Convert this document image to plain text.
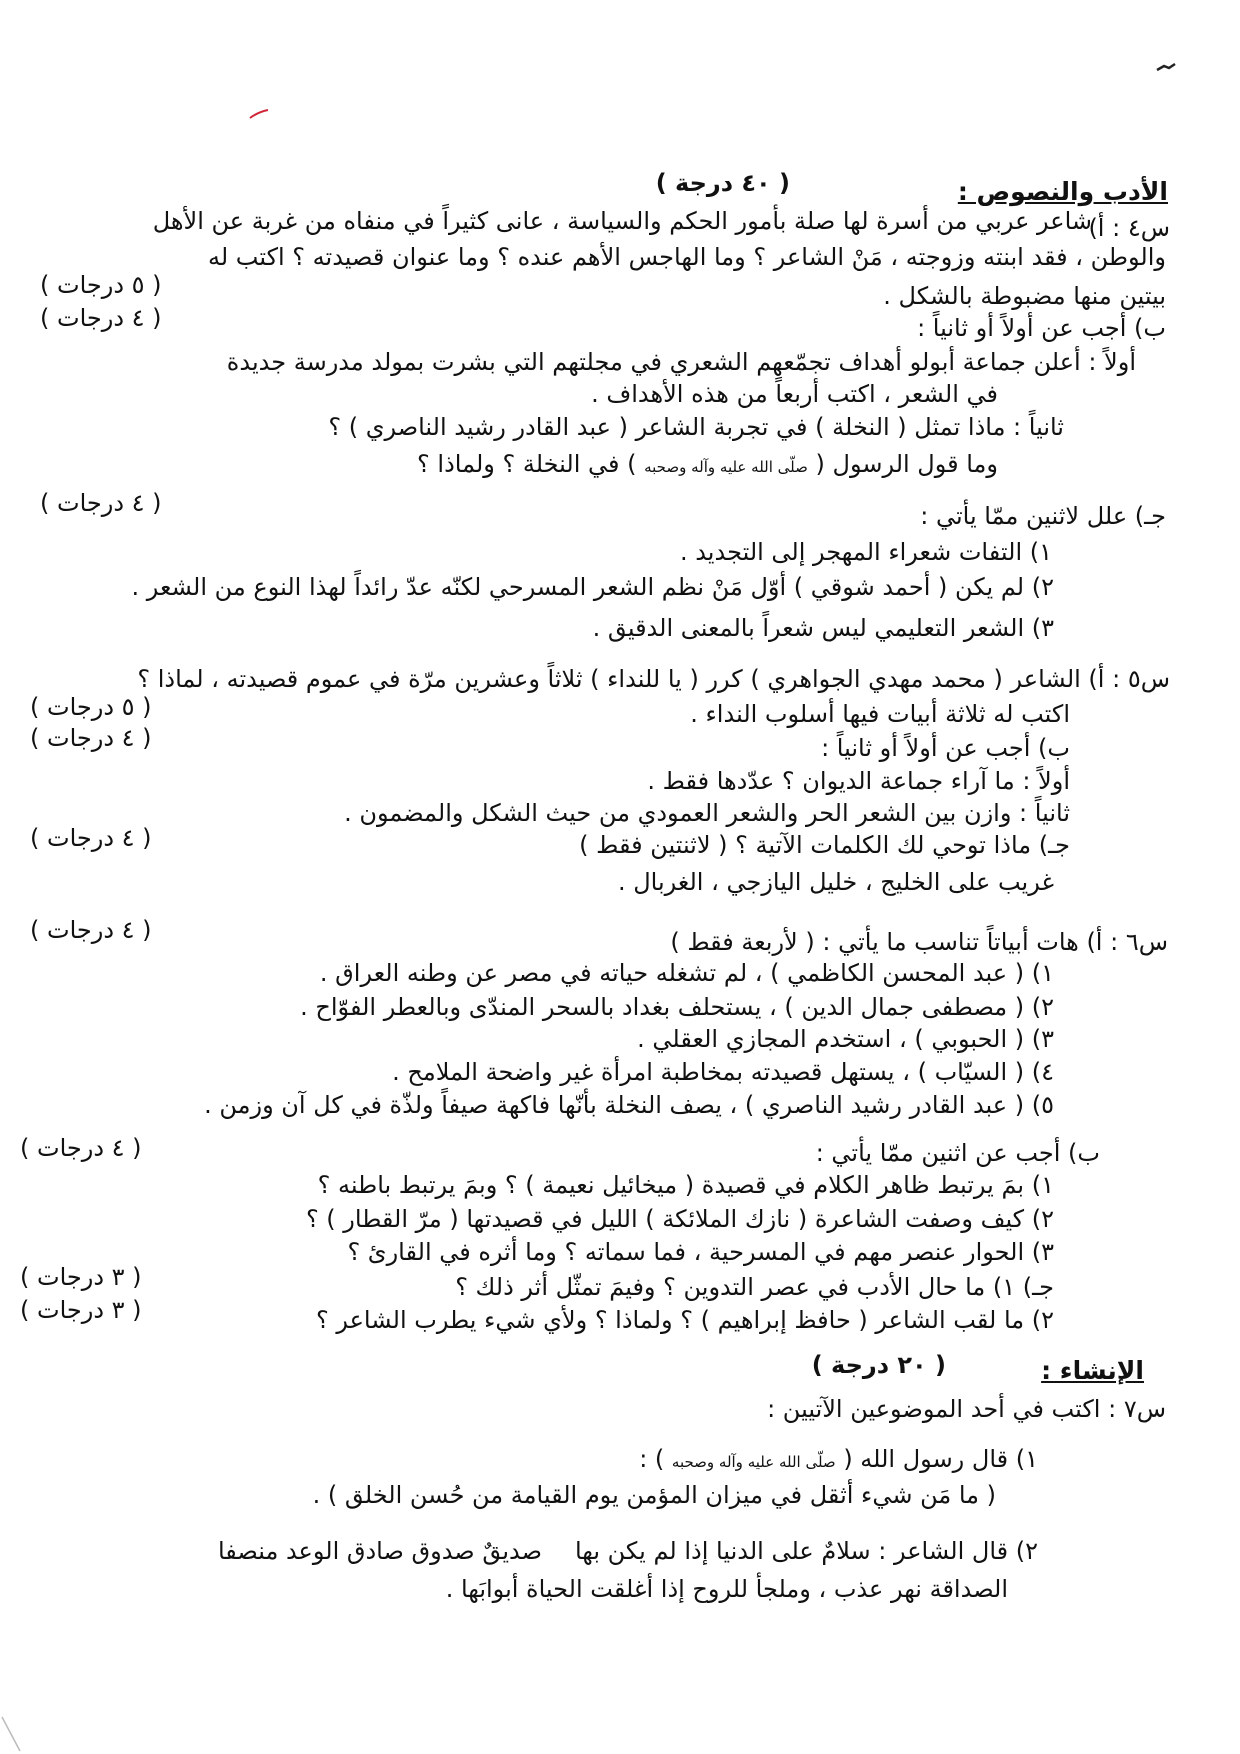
الأدب والنصوص :
( ٤٠ درجة )
س٤ : أ)
شاعر عربي من أسرة لها صلة بأمور الحكم والسياسة ، عانى كثيراً في منفاه من غربة عن الأهل
والوطن ، فقد ابنته وزوجته ، مَنْ الشاعر ؟ وما الهاجس الأهم عنده ؟ وما عنوان قصيدته ؟ اكتب له
بيتين منها مضبوطة بالشكل .
( ٥ درجات )
( ٤ درجات )	ب) أجب عن أولاً أو ثانياً :
أولاً : أعلن جماعة أبولو أهداف تجمّعهم الشعري في مجلتهم التي بشرت بمولد مدرسة جديدة
في الشعر ، اكتب أربعاً من هذه الأهداف .
ثانياً : ماذا تمثل ( النخلة ) في تجربة الشاعر ( عبد القادر رشيد الناصري ) ؟
وما قول الرسول ( صلّى الله عليه وآله وصحبه ) في النخلة ؟ ولماذا ؟
جـ) علل لاثنين ممّا يأتي :
( ٤ درجات )
١) التفات شعراء المهجر إلى التجديد .
٢) لم يكن ( أحمد شوقي ) أوّل مَنْ نظم الشعر المسرحي لكنّه عدّ رائداً لهذا النوع من الشعر .
٣) الشعر التعليمي ليس شعراً بالمعنى الدقيق .
س٥ : أ) الشاعر ( محمد مهدي الجواهري ) كرر ( يا للنداء ) ثلاثاً وعشرين مرّة في عموم قصيدته ، لماذا ؟
اكتب له ثلاثة أبيات فيها أسلوب النداء .
( ٥ درجات )
( ٤ درجات )	ب) أجب عن أولاً أو ثانياً :
أولاً : ما آراء جماعة الديوان ؟ عدّدها فقط .
ثانياً : وازن بين الشعر الحر والشعر العمودي من حيث الشكل والمضمون .
( ٤ درجات )	جـ) ماذا توحي لك الكلمات الآتية ؟ ( لاثنتين فقط )
غريب على الخليج ، خليل اليازجي ، الغربال .
س٦ : أ) هات أبياتاً تناسب ما يأتي : ( لأربعة فقط )
( ٤ درجات )
١) ( عبد المحسن الكاظمي ) ، لم تشغله حياته في مصر عن وطنه العراق .
٢) ( مصطفى جمال الدين ) ، يستحلف بغداد بالسحر المندّى وبالعطر الفوّاح .
٣) ( الحبوبي ) ، استخدم المجازي العقلي .
٤) ( السيّاب ) ، يستهل قصيدته بمخاطبة امرأة غير واضحة الملامح .
٥) ( عبد القادر رشيد الناصري ) ، يصف النخلة بأنّها فاكهة صيفاً ولذّة في كل آن وزمن .
ب) أجب عن اثنين ممّا يأتي :
( ٤ درجات )
١) بمَ يرتبط ظاهر الكلام في قصيدة ( ميخائيل نعيمة ) ؟ وبمَ يرتبط باطنه ؟
٢) كيف وصفت الشاعرة ( نازك الملائكة ) الليل في قصيدتها ( مرّ القطار ) ؟
٣) الحوار عنصر مهم في المسرحية ، فما سماته ؟ وما أثره في القارئ ؟
جـ) ١) ما حال الأدب في عصر التدوين ؟ وفيمَ تمثّل أثر ذلك ؟
( ٣ درجات )
٢) ما لقب الشاعر ( حافظ إبراهيم ) ؟ ولماذا ؟ ولأي شيء يطرب الشاعر ؟
( ٣ درجات )
الإنشاء :
( ٢٠ درجة )
س٧ : اكتب في أحد الموضوعين الآتيين :
١) قال رسول الله ( صلّى الله عليه وآله وصحبه ) :
( ما مَن شيء أثقل في ميزان المؤمن يوم القيامة من حُسن الخلق ) .
٢) قال الشاعر : سلامٌ على الدنيا إذا لم يكن بها
صديقٌ صدوق صادق الوعد منصفا
الصداقة نهر عذب ، وملجأ للروح إذا أغلقت الحياة أبوابَها .
